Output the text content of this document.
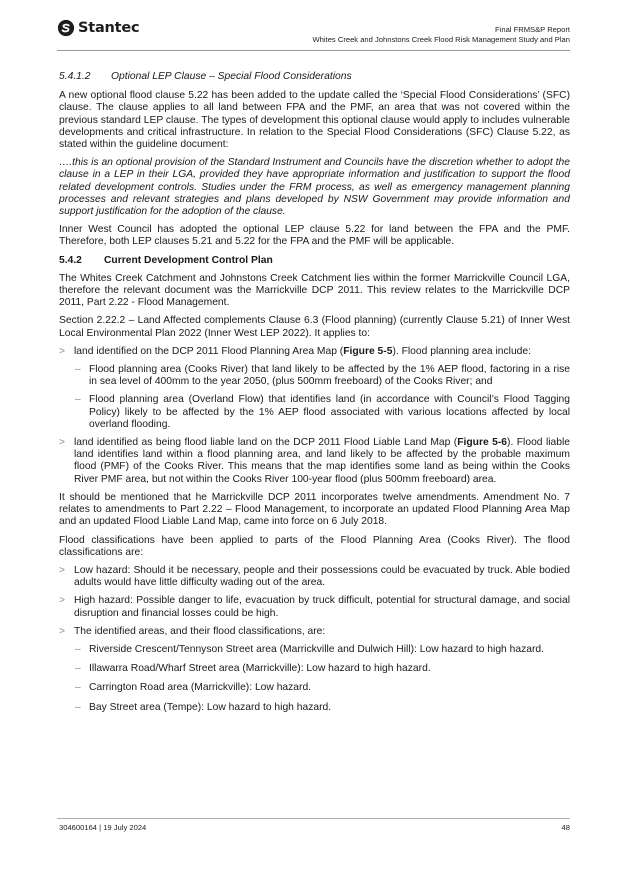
Stantec	Final FRMS&P Report
Whites Creek and Johnstons Creek Flood Risk Management Study and Plan
5.4.1.2 Optional LEP Clause – Special Flood Considerations

A new optional flood clause 5.22 has been added to the update called the ‘Special Flood Considerations’ (SFC) clause. The clause applies to all land between FPA and the PMF, an area that was not covered within the previous standard LEP clause. The types of development this optional clause would apply to includes vulnerable developments and critical infrastructure. In relation to the Special Flood Considerations (SFC) Clause 5.22, as stated within the guideline document:

….this is an optional provision of the Standard Instrument and Councils have the discretion whether to adopt the clause in a LEP in their LGA, provided they have appropriate information and justification to support the flood related development controls. Studies under the FRM process, as well as emergency management planning processes and relevant strategies and plans developed by NSW Government may provide information and support justification for the adoption of the clause.

Inner West Council has adopted the optional LEP clause 5.22 for land between the FPA and the PMF. Therefore, both LEP clauses 5.21 and 5.22 for the FPA and the PMF will be applicable.

5.4.2 Current Development Control Plan

The Whites Creek Catchment and Johnstons Creek Catchment lies within the former Marrickville Council LGA, therefore the relevant document was the Marrickville DCP 2011. This review relates to the Marrickville DCP 2011, Part 2.22 - Flood Management.

Section 2.22.2 – Land Affected complements Clause 6.3 (Flood planning) (currently Clause 5.21) of Inner West Local Environmental Plan 2022 (Inner West LEP 2022). It applies to:

> land identified on the DCP 2011 Flood Planning Area Map (Figure 5-5). Flood planning area include:
– Flood planning area (Cooks River) that land likely to be affected by the 1% AEP flood, factoring in a rise in sea level of 400mm to the year 2050, (plus 500mm freeboard) of the Cooks River; and
– Flood planning area (Overland Flow) that identifies land (in accordance with Council’s Flood Tagging Policy) likely to be affected by the 1% AEP flood associated with various locations affected by local overland flooding.
> land identified as being flood liable land on the DCP 2011 Flood Liable Land Map (Figure 5-6). Flood liable land identifies land within a flood planning area, and land likely to be affected by the probable maximum flood (PMF) of the Cooks River. This means that the map identifies some land as being within the Cooks River PMF area, but not within the Cooks River 100-year flood (plus 500mm freeboard) area.

It should be mentioned that he Marrickville DCP 2011 incorporates twelve amendments. Amendment No. 7 relates to amendments to Part 2.22 – Flood Management, to incorporate an updated Flood Planning Area Map and an updated Flood Liable Land Map, came into force on 6 July 2018.

Flood classifications have been applied to parts of the Flood Planning Area (Cooks River). The flood classifications are:

> Low hazard: Should it be necessary, people and their possessions could be evacuated by truck. Able bodied adults would have little difficulty wading out of the area.
> High hazard: Possible danger to life, evacuation by truck difficult, potential for structural damage, and social disruption and financial losses could be high.
> The identified areas, and their flood classifications, are:
– Riverside Crescent/Tennyson Street area (Marrickville and Dulwich Hill): Low hazard to high hazard.
– Illawarra Road/Wharf Street area (Marrickville): Low hazard to high hazard.
– Carrington Road area (Marrickville): Low hazard.
– Bay Street area (Tempe): Low hazard to high hazard.
304600164 | 19 July 2024	48
